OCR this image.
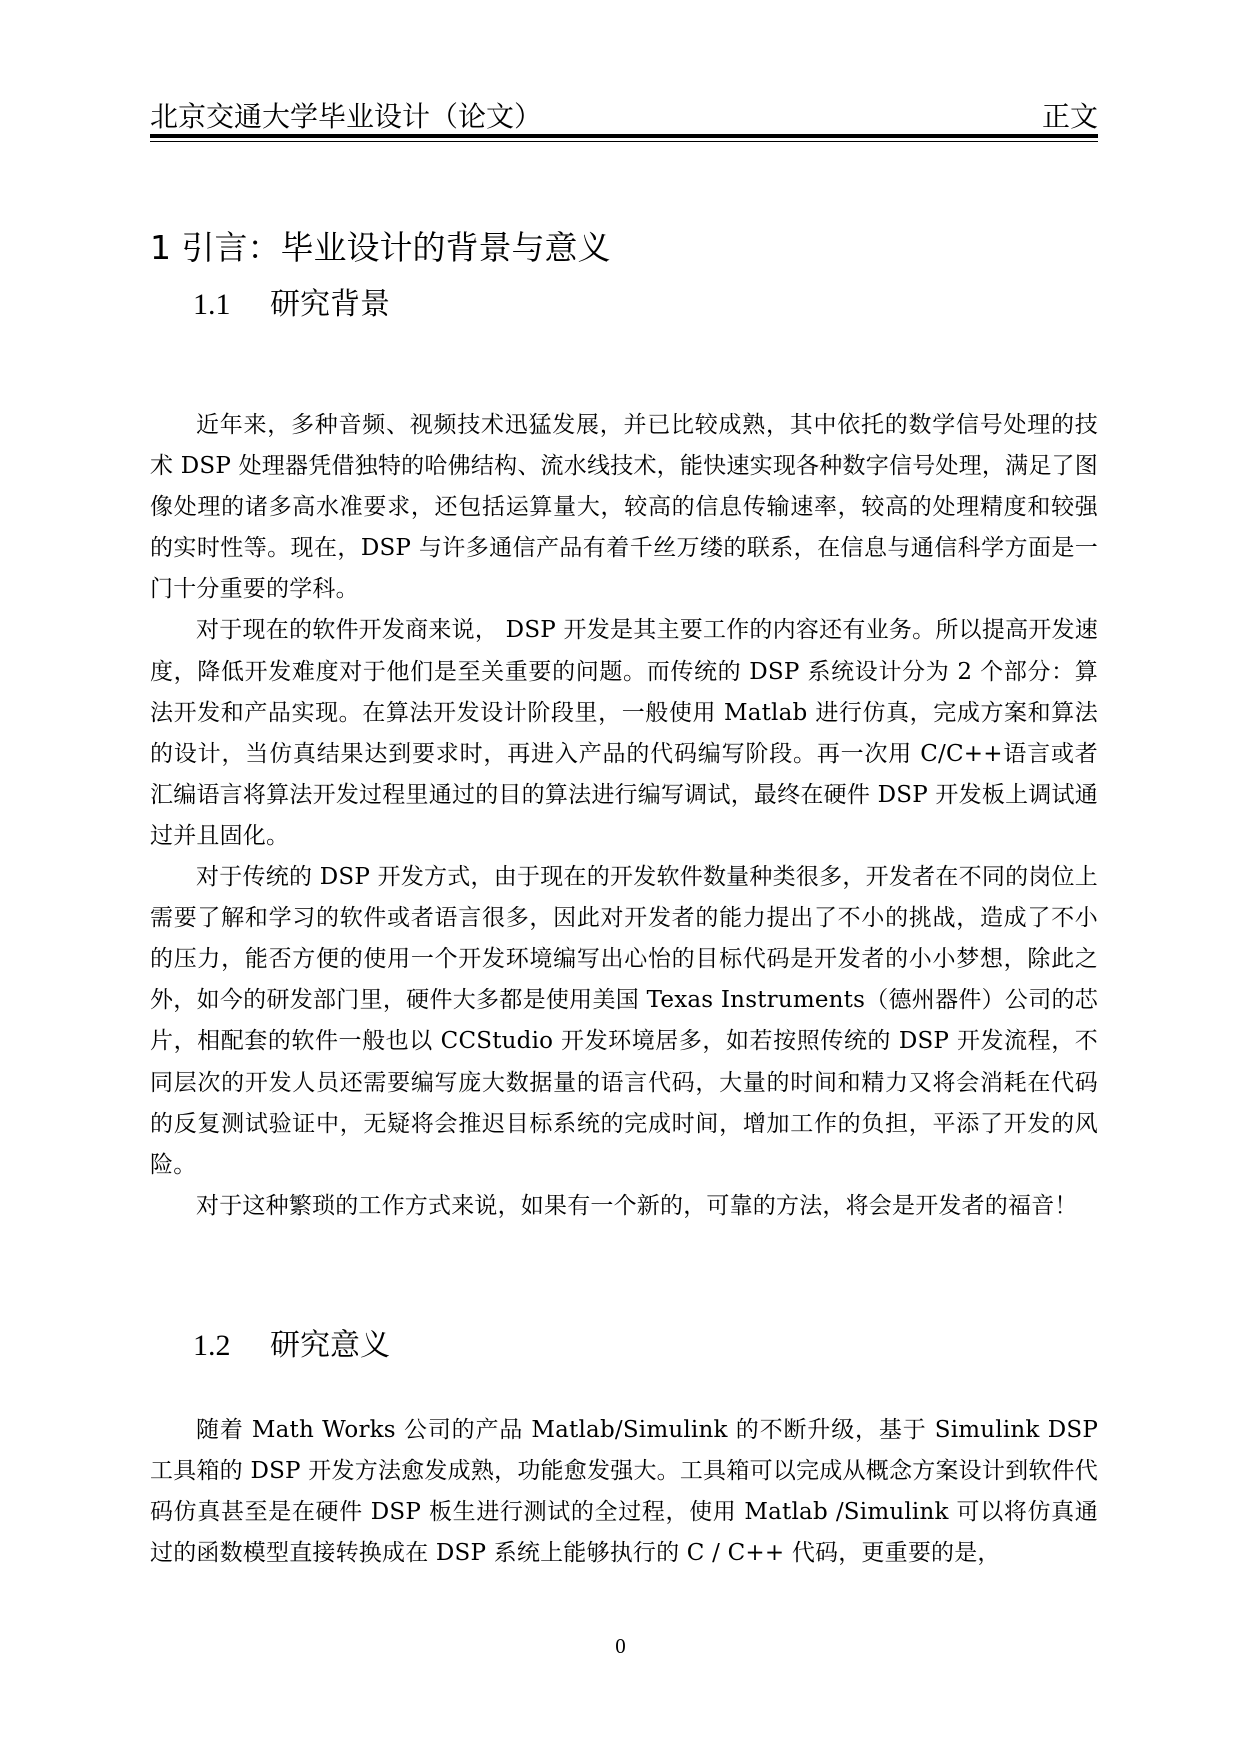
北京交通大学毕业设计（论文）	正文
1 引言：毕业设计的背景与意义
1.1	研究背景

近年来，多种音频、视频技术迅猛发展，并已比较成熟，其中依托的数学信号处理的技术 DSP 处理器凭借独特的哈佛结构、流水线技术，能快速实现各种数字信号处理，满足了图像处理的诸多高水准要求，还包括运算量大，较高的信息传输速率，较高的处理精度和较强的实时性等。现在，DSP 与许多通信产品有着千丝万缕的联系，在信息与通信科学方面是一门十分重要的学科。

对于现在的软件开发商来说， DSP 开发是其主要工作的内容还有业务。所以提高开发速度，降低开发难度对于他们是至关重要的问题。而传统的 DSP 系统设计分为 2 个部分：算法开发和产品实现。在算法开发设计阶段里，一般使用 Matlab 进行仿真，完成方案和算法的设计，当仿真结果达到要求时，再进入产品的代码编写阶段。再一次用 C/C++语言或者汇编语言将算法开发过程里通过的目的算法进行编写调试，最终在硬件 DSP 开发板上调试通过并且固化。

对于传统的 DSP 开发方式，由于现在的开发软件数量种类很多，开发者在不同的岗位上需要了解和学习的软件或者语言很多，因此对开发者的能力提出了不小的挑战，造成了不小的压力，能否方便的使用一个开发环境编写出心怡的目标代码是开发者的小小梦想，除此之外，如今的研发部门里，硬件大多都是使用美国 Texas Instruments（德州器件）公司的芯片，相配套的软件一般也以 CCStudio 开发环境居多，如若按照传统的 DSP 开发流程，不同层次的开发人员还需要编写庞大数据量的语言代码，大量的时间和精力又将会消耗在代码的反复测试验证中，无疑将会推迟目标系统的完成时间，增加工作的负担，平添了开发的风险。

对于这种繁琐的工作方式来说，如果有一个新的，可靠的方法，将会是开发者的福音！

1.2	研究意义

随着 Math Works 公司的产品 Matlab/Simulink 的不断升级，基于 Simulink DSP 工具箱的 DSP 开发方法愈发成熟，功能愈发强大。工具箱可以完成从概念方案设计到软件代码仿真甚至是在硬件 DSP 板生进行测试的全过程，使用 Matlab /Simulink 可以将仿真通过的函数模型直接转换成在 DSP 系统上能够执行的 C / C++ 代码，更重要的是，

0
